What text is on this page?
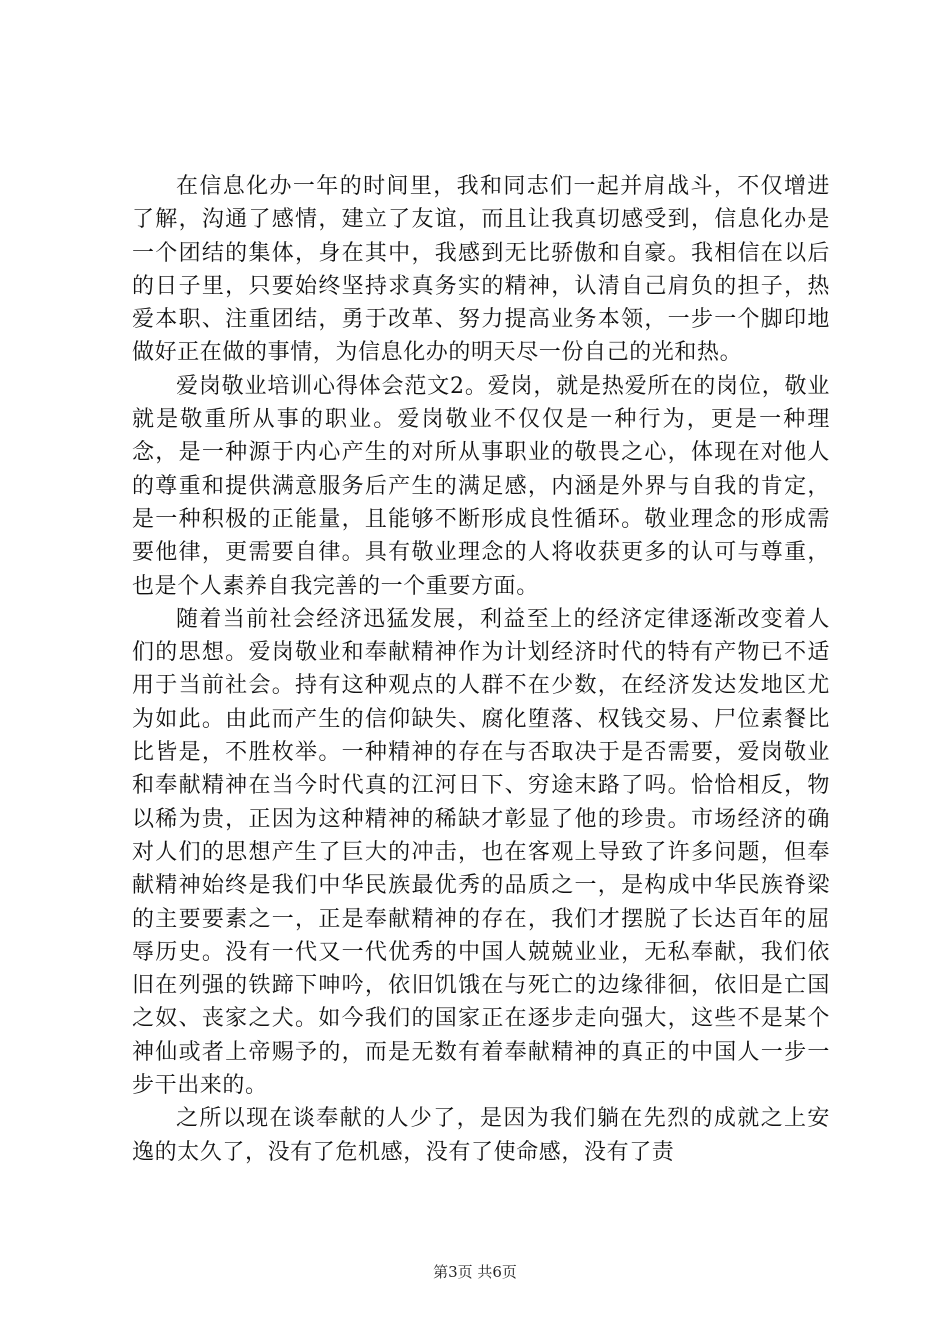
在信息化办一年的时间里，我和同志们一起并肩战斗，不仅增进了解，沟通了感情，建立了友谊，而且让我真切感受到，信息化办是一个团结的集体，身在其中，我感到无比骄傲和自豪。我相信在以后的日子里，只要始终坚持求真务实的精神，认清自己肩负的担子，热爱本职、注重团结，勇于改革、努力提高业务本领，一步一个脚印地做好正在做的事情，为信息化办的明天尽一份自己的光和热。

爱岗敬业培训心得体会范文2。爱岗，就是热爱所在的岗位，敬业就是敬重所从事的职业。爱岗敬业不仅仅是一种行为，更是一种理念，是一种源于内心产生的对所从事职业的敬畏之心，体现在对他人的尊重和提供满意服务后产生的满足感，内涵是外界与自我的肯定，是一种积极的正能量，且能够不断形成良性循环。敬业理念的形成需要他律，更需要自律。具有敬业理念的人将收获更多的认可与尊重，也是个人素养自我完善的一个重要方面。

随着当前社会经济迅猛发展，利益至上的经济定律逐渐改变着人们的思想。爱岗敬业和奉献精神作为计划经济时代的特有产物已不适用于当前社会。持有这种观点的人群不在少数，在经济发达发地区尤为如此。由此而产生的信仰缺失、腐化堕落、权钱交易、尸位素餐比比皆是，不胜枚举。一种精神的存在与否取决于是否需要，爱岗敬业和奉献精神在当今时代真的江河日下、穷途末路了吗。恰恰相反，物以稀为贵，正因为这种精神的稀缺才彰显了他的珍贵。市场经济的确对人们的思想产生了巨大的冲击，也在客观上导致了许多问题，但奉献精神始终是我们中华民族最优秀的品质之一，是构成中华民族脊梁的主要要素之一，正是奉献精神的存在，我们才摆脱了长达百年的屈辱历史。没有一代又一代优秀的中国人兢兢业业，无私奉献，我们依旧在列强的铁蹄下呻吟，依旧饥饿在与死亡的边缘徘徊，依旧是亡国之奴、丧家之犬。如今我们的国家正在逐步走向强大，这些不是某个神仙或者上帝赐予的，而是无数有着奉献精神的真正的中国人一步一步干出来的。

之所以现在谈奉献的人少了，是因为我们躺在先烈的成就之上安逸的太久了，没有了危机感，没有了使命感，没有了责

第3页 共6页
